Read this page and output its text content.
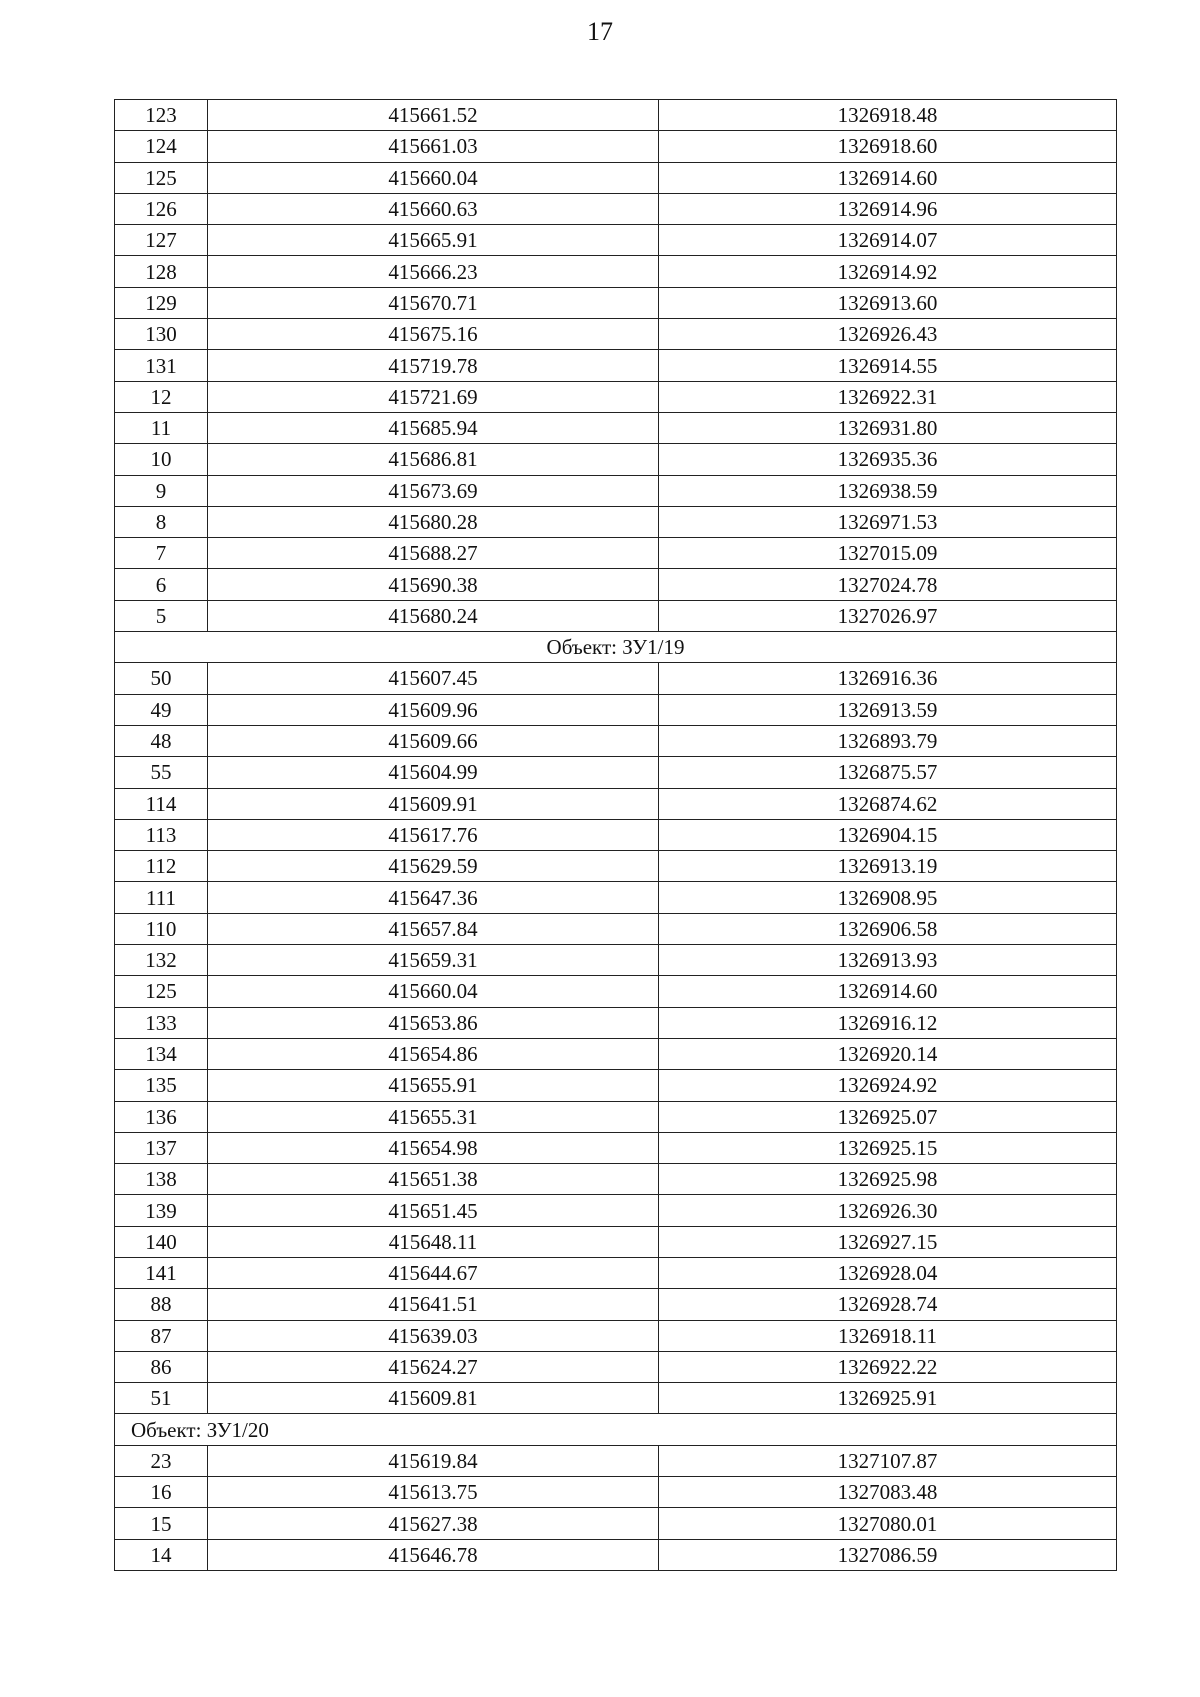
17
123	415661.52	1326918.48
124	415661.03	1326918.60
125	415660.04	1326914.60
126	415660.63	1326914.96
127	415665.91	1326914.07
128	415666.23	1326914.92
129	415670.71	1326913.60
130	415675.16	1326926.43
131	415719.78	1326914.55
12	415721.69	1326922.31
11	415685.94	1326931.80
10	415686.81	1326935.36
9	415673.69	1326938.59
8	415680.28	1326971.53
7	415688.27	1327015.09
6	415690.38	1327024.78
5	415680.24	1327026.97
Объект: ЗУ1/19		
50	415607.45	1326916.36
49	415609.96	1326913.59
48	415609.66	1326893.79
55	415604.99	1326875.57
114	415609.91	1326874.62
113	415617.76	1326904.15
112	415629.59	1326913.19
111	415647.36	1326908.95
110	415657.84	1326906.58
132	415659.31	1326913.93
125	415660.04	1326914.60
133	415653.86	1326916.12
134	415654.86	1326920.14
135	415655.91	1326924.92
136	415655.31	1326925.07
137	415654.98	1326925.15
138	415651.38	1326925.98
139	415651.45	1326926.30
140	415648.11	1326927.15
141	415644.67	1326928.04
88	415641.51	1326928.74
87	415639.03	1326918.11
86	415624.27	1326922.22
51	415609.81	1326925.91
Объект: ЗУ1/20		
23	415619.84	1327107.87
16	415613.75	1327083.48
15	415627.38	1327080.01
14	415646.78	1327086.59
